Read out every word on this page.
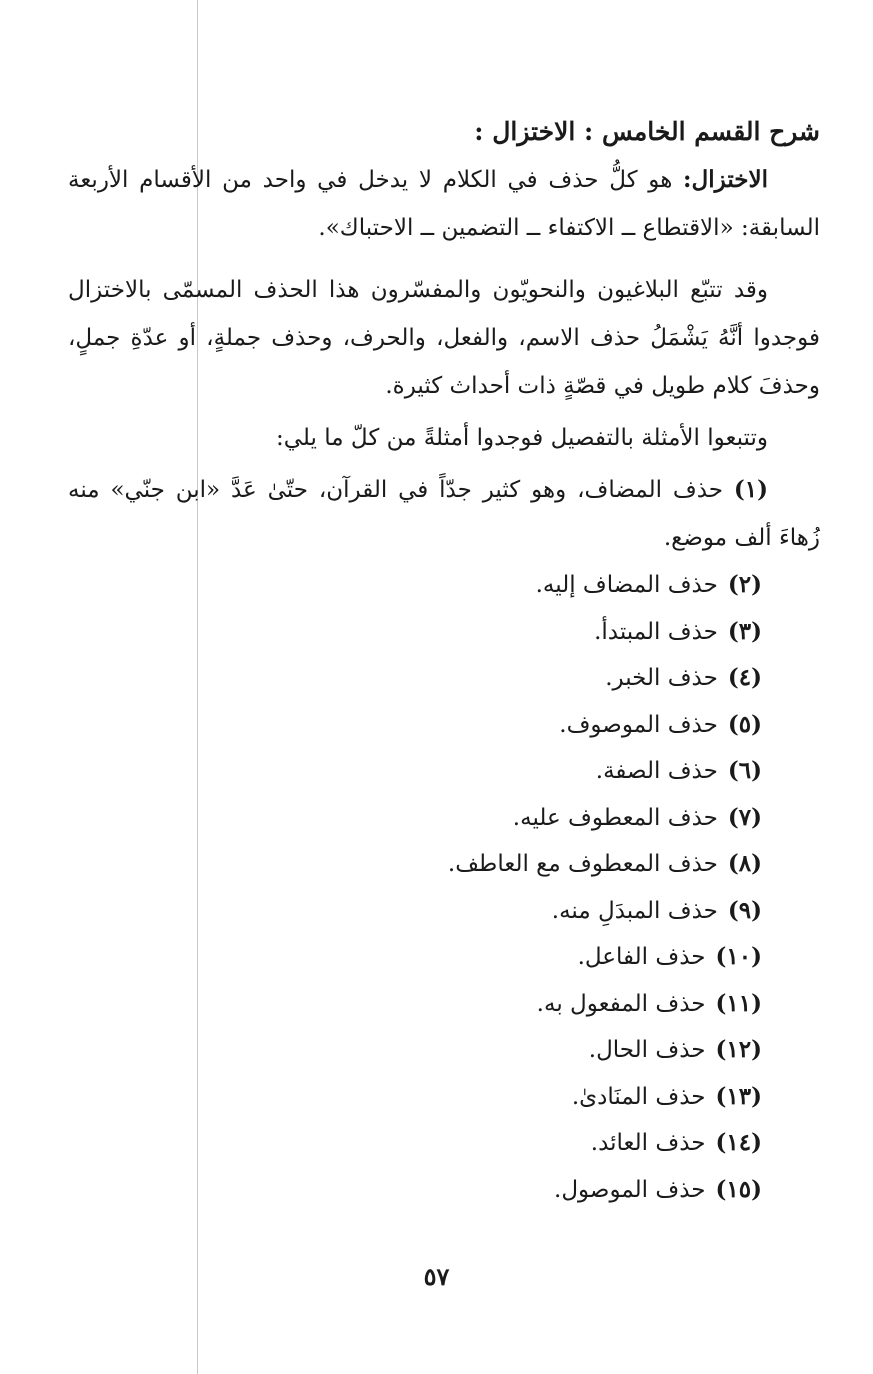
شرح القسم الخامس : الاختزال :

الاختزال: هو كلُّ حذف في الكلام لا يدخل في واحد من الأقسام الأربعة السابقة: «الاقتطاع ــ الاكتفاء ــ التضمين ــ الاحتباك».

وقد تتبّع البلاغيون والنحويّون والمفسّرون هذا الحذف المسمّى بالاختزال فوجدوا أنَّهُ يَشْمَلُ حذف الاسم، والفعل، والحرف، وحذف جملةٍ، أو عدّةِ جملٍ، وحذفَ كلام طويل في قصّةٍ ذات أحداث كثيرة.

وتتبعوا الأمثلة بالتفصيل فوجدوا أمثلةً من كلّ ما يلي:

(١) حذف المضاف، وهو كثير جدّاً في القرآن، حتّىٰ عَدَّ «ابن جنّي» منه زُهاءَ ألف موضع.

(٢)حذف المضاف إليه.
(٣)حذف المبتدأ.
(٤)حذف الخبر.
(٥)حذف الموصوف.
(٦)حذف الصفة.
(٧)حذف المعطوف عليه.
(٨)حذف المعطوف مع العاطف.
(٩)حذف المبدَلِ منه.
(١٠)حذف الفاعل.
(١١)حذف المفعول به.
(١٢)حذف الحال.
(١٣)حذف المنَادىٰ.
(١٤)حذف العائد.
(١٥)حذف الموصول.
٥٧
